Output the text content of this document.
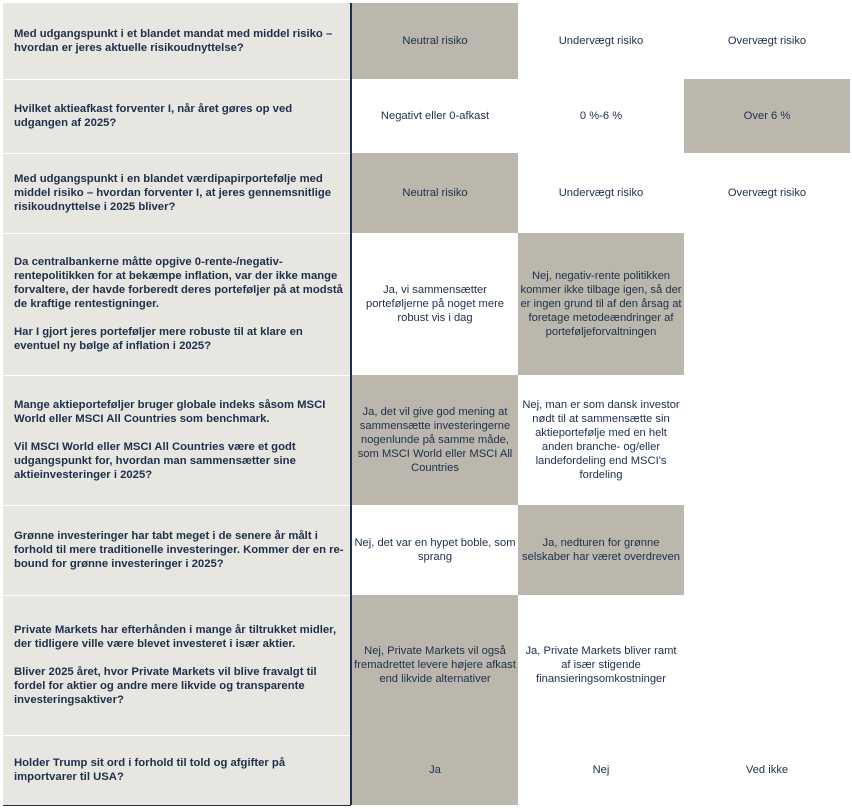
Med udgangspunkt i et blandet mandat med middel risiko – hvordan er jeres aktuelle risikoudnyttelse?		Neutral risiko	Undervægt risiko	Overvægt risiko

Hvilket aktieafkast forventer I, når året gøres op ved udgangen af 2025?		Negativt eller 0-afkast	0 %-6 %	Over 6 %

Med udgangspunkt i en blandet værdipapirportefølje med middel risiko – hvordan forventer I, at jeres gennemsnitlige risikoudnyttelse i 2025 bliver?		Neutral risiko	Undervægt risiko	Overvægt risiko

Da centralbankerne måtte opgive 0-rente-/negativ-rentepolitikken for at bekæmpe inflation, var der ikke mange forvaltere, der havde forberedt deres porteføljer på at modstå de kraftige rentestigninger.
Har I gjort jeres porteføljer mere robuste til at klare en eventuel ny bølge af inflation i 2025?		Ja, vi sammensætter porteføljerne på noget mere robust vis i dag	Nej, negativ-rente politikken kommer ikke tilbage igen, så der er ingen grund til af den årsag at foretage metodeændringer af porteføljeforvaltningen	

Mange aktieporteføljer bruger globale indeks såsom MSCI World eller MSCI All Countries som benchmark.
Vil MSCI World eller MSCI All Countries være et godt udgangspunkt for, hvordan man sammensætter sine aktieinvesteringer i 2025?		Ja, det vil give god mening at sammensætte investeringerne nogenlunde på samme måde, som MSCI World eller MSCI All Countries	Nej, man er som dansk investor nødt til at sammensætte sin aktieportefølje med en helt anden branche- og/eller landefordeling end MSCI's fordeling	

Grønne investeringer har tabt meget i de senere år målt i forhold til mere traditionelle investeringer. Kommer der en re-bound for grønne investeringer i 2025?		Nej, det var en hypet boble, som sprang	Ja, nedturen for grønne selskaber har været overdreven	

Private Markets har efterhånden i mange år tiltrukket midler, der tidligere ville være blevet investeret i især aktier.
Bliver 2025 året, hvor Private Markets vil blive fravalgt til fordel for aktier og andre mere likvide og transparente investeringsaktiver?		Nej, Private Markets vil også fremadrettet levere højere afkast end likvide alternativer	Ja, Private Markets bliver ramt af især stigende finansieringsomkostninger	

Holder Trump sit ord i forhold til told og afgifter på importvarer til USA?		Ja	Nej	Ved ikke
